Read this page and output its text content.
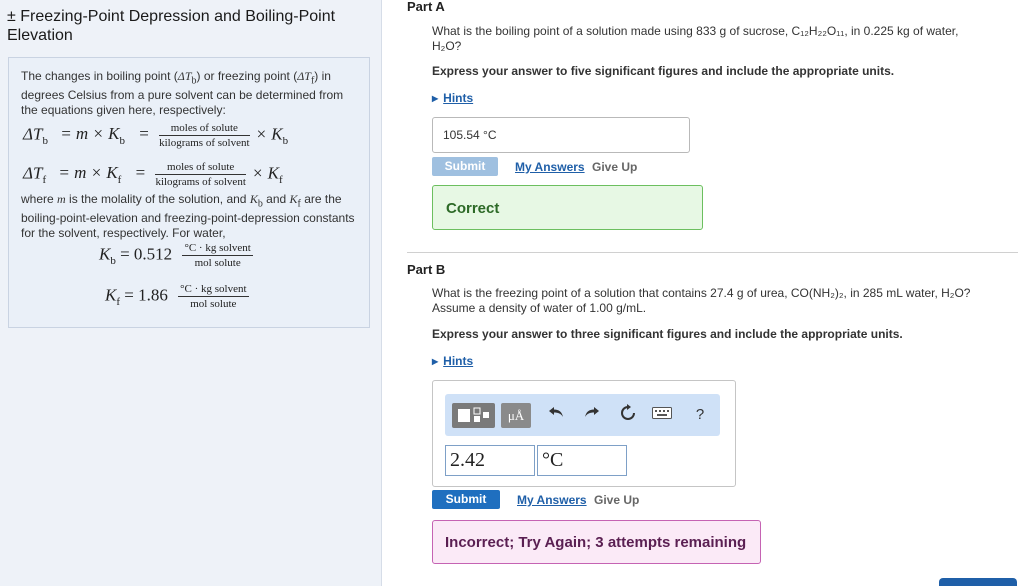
± Freezing-Point Depression and Boiling-Point Elevation
The changes in boiling point $(\Delta T_b)$ or freezing point $(\Delta T_f)$ in degrees Celsius from a pure solvent can be determined from the equations given here, respectively:
$\Delta T_b = m \times K_b = \frac{\text{moles of solute}}{\text{kilograms of solvent}} \times K_b$
$\Delta T_f = m \times K_f = \frac{\text{moles of solute}}{\text{kilograms of solvent}} \times K_f$
where m is the molality of the solution, and $K_b$ and $K_f$ are the boiling-point-elevation and freezing-point-depression constants for the solvent, respectively. For water,
$K_b = 0.512 \frac{\text{°C · kg solvent}}{\text{mol solute}}$
$K_f = 1.86 \frac{\text{°C · kg solvent}}{\text{mol solute}}$
Part A
What is the boiling point of a solution made using 833 g of sucrose, C₁₂H₂₂O₁₁, in 0.225 kg of water,
H₂O?
Express your answer to five significant figures and include the appropriate units.
▶ Hints
105.54 °C
Submit	My Answers Give Up
Correct
Part B
What is the freezing point of a solution that contains 27.4 g of urea, CO(NH₂)₂, in 285 mL water, H₂O?
Assume a density of water of 1.00 g/mL.
Express your answer to three significant figures and include the appropriate units.
▶ Hints
μÅ	?
2.42	°C
Submit	My Answers Give Up
Incorrect; Try Again; 3 attempts remaining
